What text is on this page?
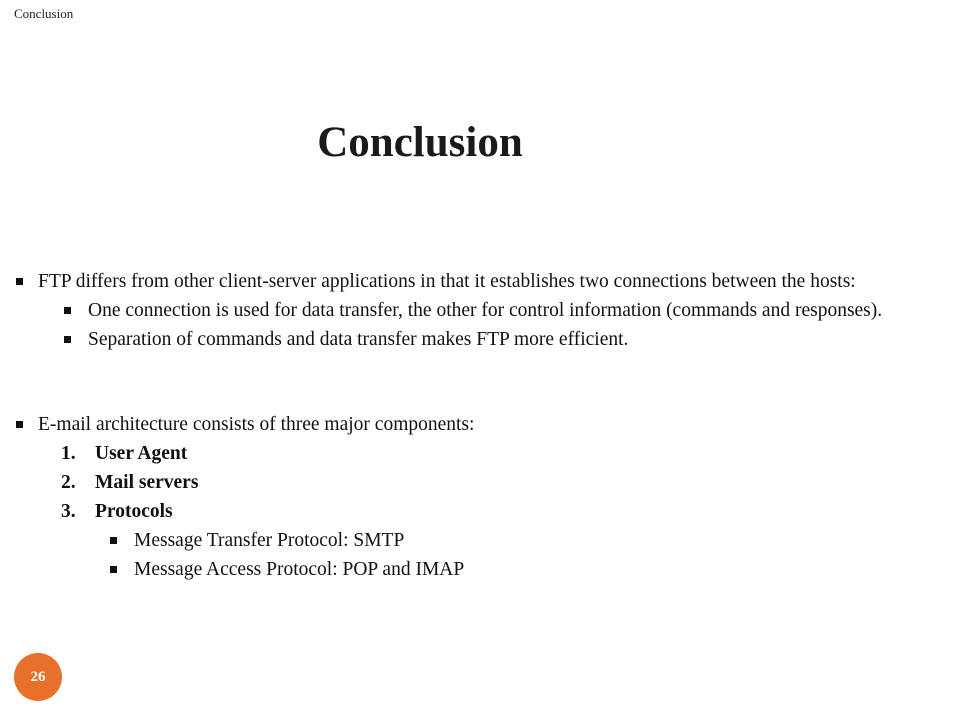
Conclusion
Conclusion
FTP differs from other client-server applications in that it establishes two connections between the hosts:
One connection is used for data transfer, the other for control information (commands and responses).
Separation of commands and data transfer makes FTP more efficient.
E-mail architecture consists of three major components:
1. User Agent
2. Mail servers
3. Protocols
Message Transfer Protocol: SMTP
Message Access Protocol: POP and IMAP
26
